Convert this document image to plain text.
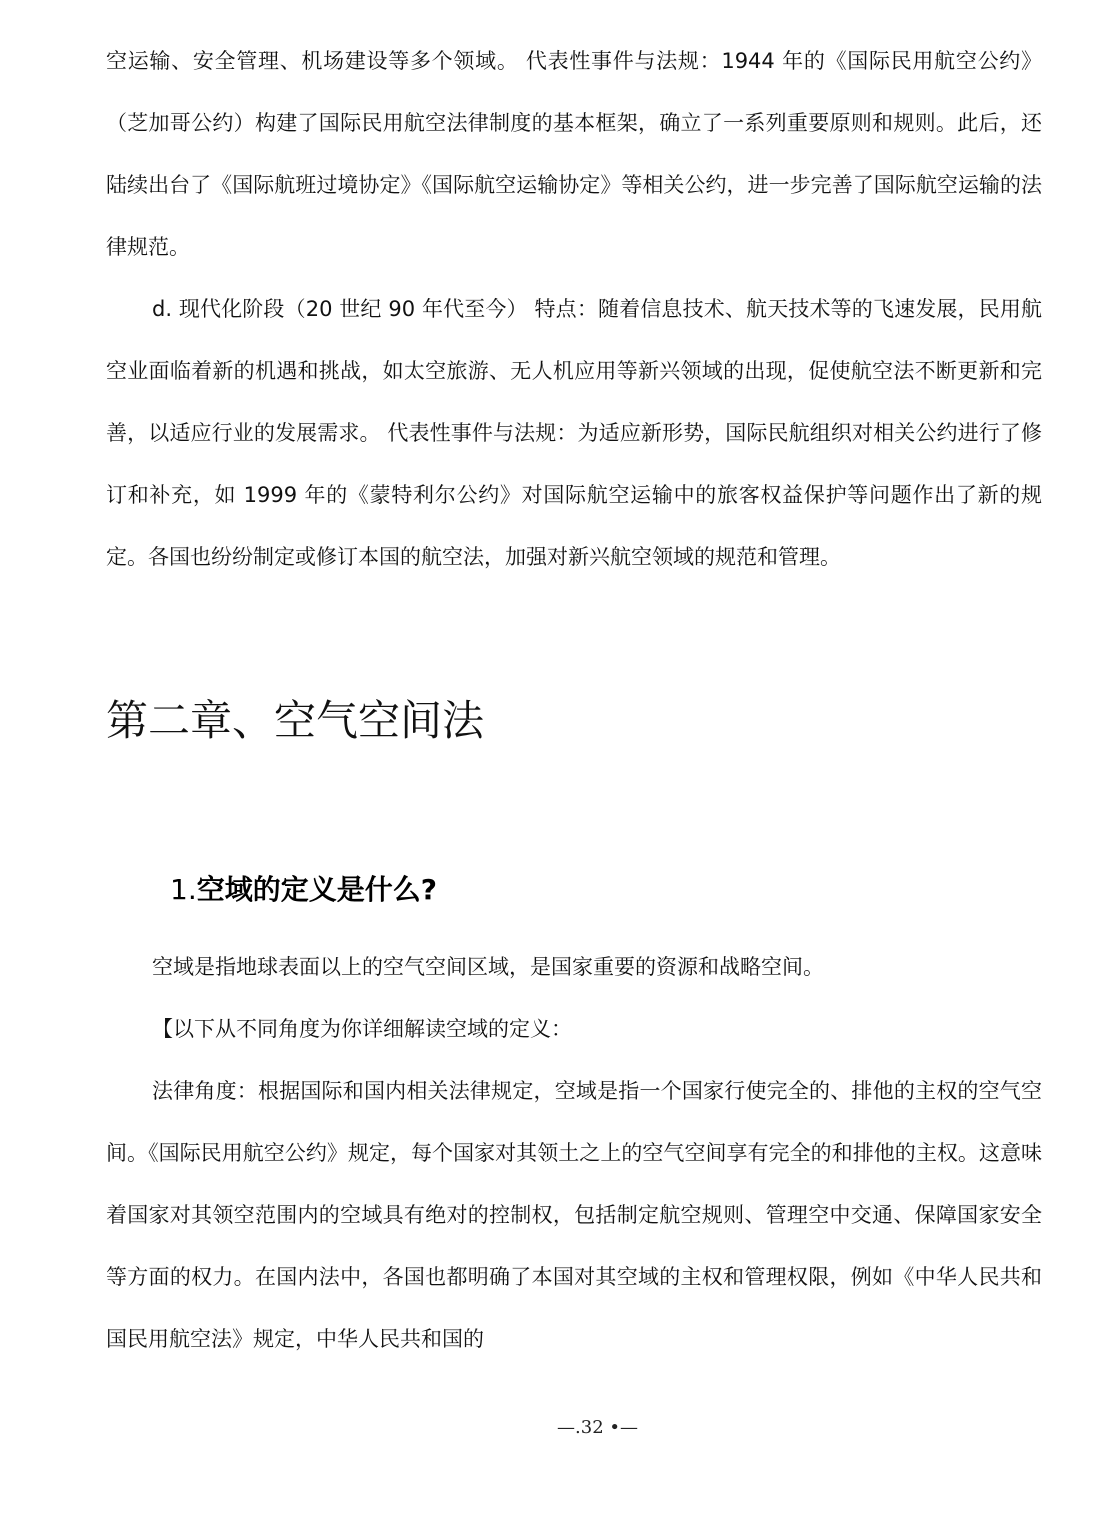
空运输、安全管理、机场建设等多个领域。 代表性事件与法规：1944 年的《国际民用航空公约》（芝加哥公约）构建了国际民用航空法律制度的基本框架，确立了一系列重要原则和规则。此后，还陆续出台了《国际航班过境协定》《国际航空运输协定》等相关公约，进一步完善了国际航空运输的法律规范。

d. 现代化阶段（20 世纪 90 年代至今） 特点：随着信息技术、航天技术等的飞速发展，民用航空业面临着新的机遇和挑战，如太空旅游、无人机应用等新兴领域的出现，促使航空法不断更新和完善，以适应行业的发展需求。 代表性事件与法规：为适应新形势，国际民航组织对相关公约进行了修订和补充，如 1999 年的《蒙特利尔公约》对国际航空运输中的旅客权益保护等问题作出了新的规定。各国也纷纷制定或修订本国的航空法，加强对新兴航空领域的规范和管理。

第二章、空气空间法
1.空域的定义是什么?

空域是指地球表面以上的空气空间区域，是国家重要的资源和战略空间。

【以下从不同角度为你详细解读空域的定义：

法律角度：根据国际和国内相关法律规定，空域是指一个国家行使完全的、排他的主权的空气空间。《国际民用航空公约》规定，每个国家对其领土之上的空气空间享有完全的和排他的主权。这意味着国家对其领空范围内的空域具有绝对的控制权，包括制定航空规则、管理空中交通、保障国家安全等方面的权力。在国内法中，各国也都明确了本国对其空域的主权和管理权限，例如《中华人民共和国民用航空法》规定，中华人民共和国的

—.32 •—
